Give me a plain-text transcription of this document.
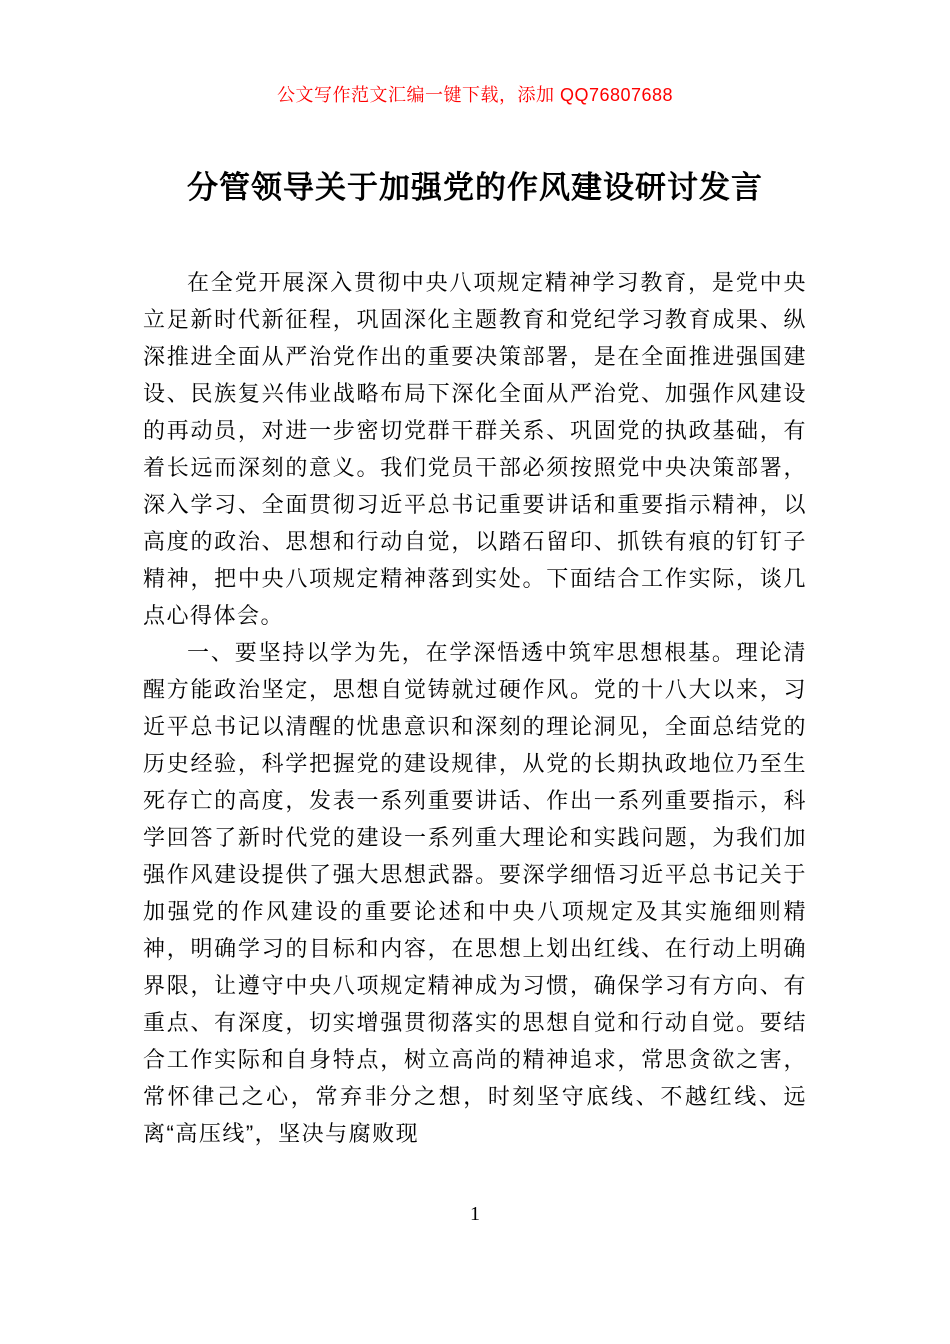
公文写作范文汇编一键下载，添加 QQ76807688
分管领导关于加强党的作风建设研讨发言

在全党开展深入贯彻中央八项规定精神学习教育，是党中央立足新时代新征程，巩固深化主题教育和党纪学习教育成果、纵深推进全面从严治党作出的重要决策部署，是在全面推进强国建设、民族复兴伟业战略布局下深化全面从严治党、加强作风建设的再动员，对进一步密切党群干群关系、巩固党的执政基础，有着长远而深刻的意义。我们党员干部必须按照党中央决策部署，深入学习、全面贯彻习近平总书记重要讲话和重要指示精神，以高度的政治、思想和行动自觉，以踏石留印、抓铁有痕的钉钉子精神，把中央八项规定精神落到实处。下面结合工作实际，谈几点心得体会。

一、要坚持以学为先，在学深悟透中筑牢思想根基。理论清醒方能政治坚定，思想自觉铸就过硬作风。党的十八大以来，习近平总书记以清醒的忧患意识和深刻的理论洞见，全面总结党的历史经验，科学把握党的建设规律，从党的长期执政地位乃至生死存亡的高度，发表一系列重要讲话、作出一系列重要指示，科学回答了新时代党的建设一系列重大理论和实践问题，为我们加强作风建设提供了强大思想武器。要深学细悟习近平总书记关于加强党的作风建设的重要论述和中央八项规定及其实施细则精神，明确学习的目标和内容，在思想上划出红线、在行动上明确界限，让遵守中央八项规定精神成为习惯，确保学习有方向、有重点、有深度，切实增强贯彻落实的思想自觉和行动自觉。要结合工作实际和自身特点，树立高尚的精神追求，常思贪欲之害，常怀律己之心，常弃非分之想，时刻坚守底线、不越红线、远离“高压线”，坚决与腐败现

1
